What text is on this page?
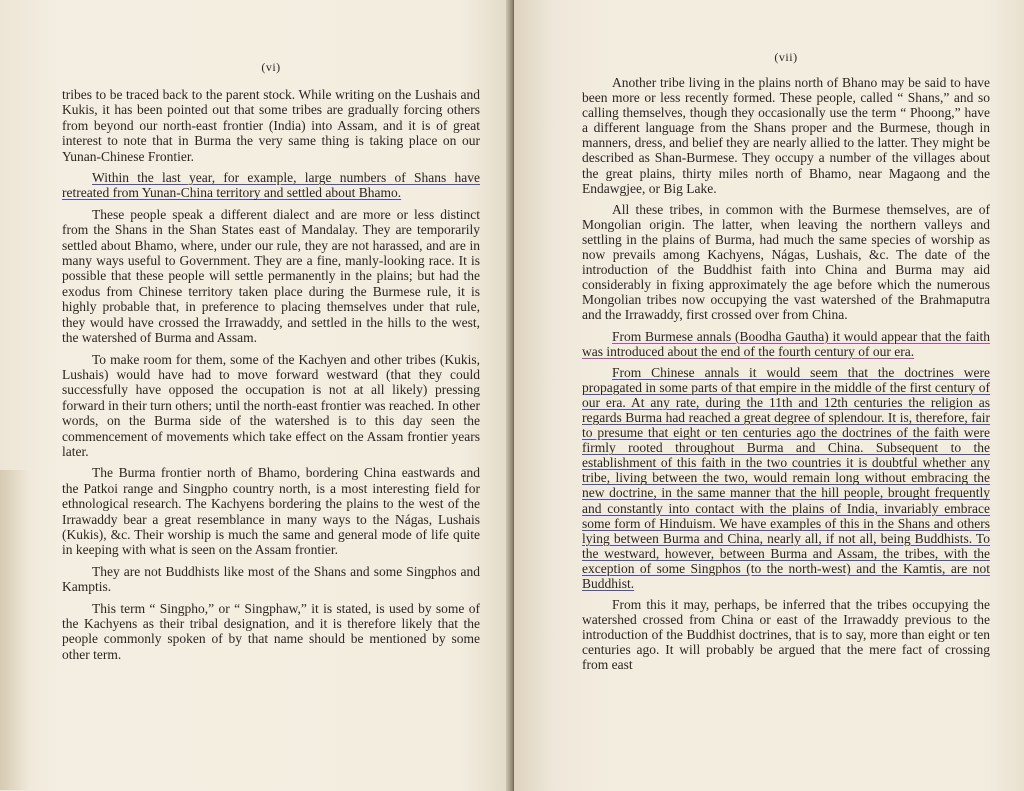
(vi)

tribes to be traced back to the parent stock. While writing on the Lushais and Kukis, it has been pointed out that some tribes are gradually forcing others from beyond our north-east frontier (India) into Assam, and it is of great interest to note that in Burma the very same thing is taking place on our Yunan-Chinese Frontier.

Within the last year, for example, large numbers of Shans have retreated from Yunan-China territory and settled about Bhamo.

These people speak a different dialect and are more or less distinct from the Shans in the Shan States east of Mandalay. They are temporarily settled about Bhamo, where, under our rule, they are not harassed, and are in many ways useful to Government. They are a fine, manly-looking race. It is possible that these people will settle permanently in the plains; but had the exodus from Chinese territory taken place during the Burmese rule, it is highly probable that, in preference to placing themselves under that rule, they would have crossed the Irrawaddy, and settled in the hills to the west, the watershed of Burma and Assam.

To make room for them, some of the Kachyen and other tribes (Kukis, Lushais) would have had to move forward westward (that they could successfully have opposed the occupation is not at all likely) pressing forward in their turn others; until the north-east frontier was reached. In other words, on the Burma side of the watershed is to this day seen the commencement of movements which take effect on the Assam frontier years later.

The Burma frontier north of Bhamo, bordering China eastwards and the Patkoi range and Singpho country north, is a most interesting field for ethnological research. The Kachyens bordering the plains to the west of the Irrawaddy bear a great resemblance in many ways to the Nágas, Lushais (Kukis), &c. Their worship is much the same and general mode of life quite in keeping with what is seen on the Assam frontier.

They are not Buddhists like most of the Shans and some Singphos and Kamptis.

This term “ Singpho,” or “ Singphaw,” it is stated, is used by some of the Kachyens as their tribal designation, and it is therefore likely that the people commonly spoken of by that name should be mentioned by some other term.

(vii)

Another tribe living in the plains north of Bhano may be said to have been more or less recently formed. These people, called “ Shans,” and so calling themselves, though they occasionally use the term “ Phoong,” have a different language from the Shans proper and the Burmese, though in manners, dress, and belief they are nearly allied to the latter. They might be described as Shan-Burmese. They occupy a number of the villages about the great plains, thirty miles north of Bhamo, near Magaong and the Endawgjee, or Big Lake.

All these tribes, in common with the Burmese themselves, are of Mongolian origin. The latter, when leaving the northern valleys and settling in the plains of Burma, had much the same species of worship as now prevails among Kachyens, Nágas, Lushais, &c. The date of the introduction of the Buddhist faith into China and Burma may aid considerably in fixing approximately the age before which the numerous Mongolian tribes now occupying the vast watershed of the Brahmaputra and the Irrawaddy, first crossed over from China.

From Burmese annals (Boodha Gautha) it would appear that the faith was introduced about the end of the fourth century of our era.

From Chinese annals it would seem that the doctrines were propagated in some parts of that empire in the middle of the first century of our era. At any rate, during the 11th and 12th centuries the religion as regards Burma had reached a great degree of splendour. It is, therefore, fair to presume that eight or ten centuries ago the doctrines of the faith were firmly rooted throughout Burma and China. Subsequent to the establishment of this faith in the two countries it is doubtful whether any tribe, living between the two, would remain long without embracing the new doctrine, in the same manner that the hill people, brought frequently and constantly into contact with the plains of India, invariably embrace some form of Hinduism. We have examples of this in the Shans and others lying between Burma and China, nearly all, if not all, being Buddhists. To the westward, however, between Burma and Assam, the tribes, with the exception of some Singphos (to the north-west) and the Kamtis, are not Buddhist.

From this it may, perhaps, be inferred that the tribes occupying the watershed crossed from China or east of the Irrawaddy previous to the introduction of the Buddhist doctrines, that is to say, more than eight or ten centuries ago. It will probably be argued that the mere fact of crossing from east
